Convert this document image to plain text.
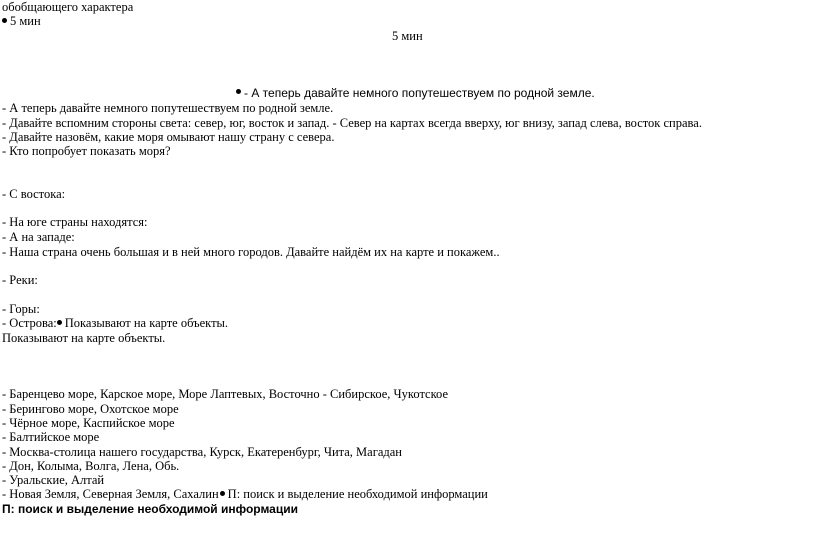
обобщающего характера
5 мин
5 мин
- А теперь давайте немного попутешествуем по родной земле.
- А теперь давайте немного попутешествуем по родной земле.
- Давайте вспомним стороны света: север, юг, восток и запад. - Север на картах всегда вверху, юг внизу, запад слева, восток справа.
- Давайте назовём, какие моря омывают нашу страну с севера.
- Кто попробует показать моря?
- С востока:
- На юге страны находятся:
- А на западе:
- Наша страна очень большая и в ней много городов. Давайте найдём их на карте и покажем..
- Реки:
- Горы:
- Острова: Показывают на карте объекты.
Показывают на карте объекты.
- Баренцево море, Карское море, Море Лаптевых, Восточно - Сибирское, Чукотское
- Берингово море, Охотское море
- Чёрное море, Каспийское море
- Балтийское море
- Москва-столица нашего государства, Курск, Екатеренбург, Чита, Магадан
- Дон, Колыма, Волга, Лена, Обь.
- Уральские, Алтай
- Новая Земля, Северная Земля, Сахалин П: поиск и выделение необходимой информации
П: поиск и выделение необходимой информации
